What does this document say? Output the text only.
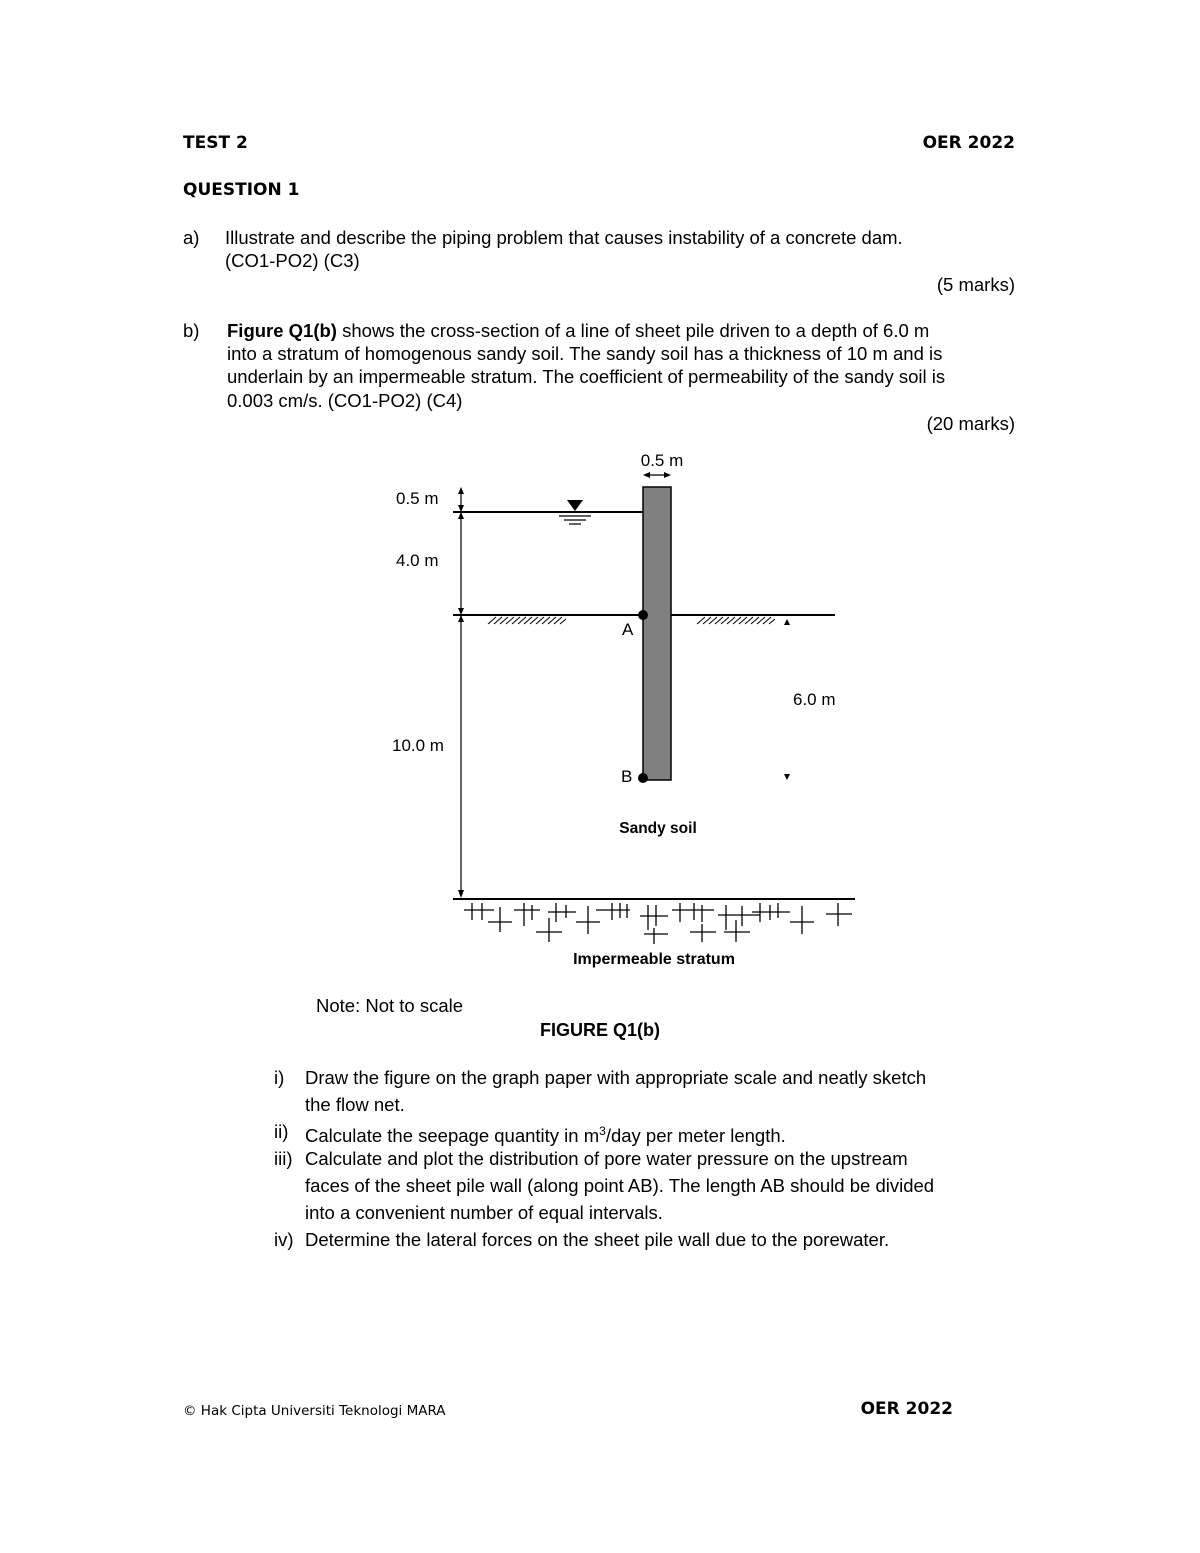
TEST 2	OER 2022
QUESTION 1
a) Illustrate and describe the piping problem that causes instability of a concrete dam.
(CO1-PO2) (C3)
(5 marks)
b) Figure Q1(b) shows the cross-section of a line of sheet pile driven to a depth of 6.0 m
into a stratum of homogenous sandy soil. The sandy soil has a thickness of 10 m and is
underlain by an impermeable stratum. The coefficient of permeability of the sandy soil is
0.003 cm/s. (CO1-PO2) (C4)
(20 marks)
0.5 m
A
B
0.5 m
4.0 m
10.0 m
6.0 m
Sandy soil
Impermeable stratum
Note: Not to scale
FIGURE Q1(b)
i) Draw the figure on the graph paper with appropriate scale and neatly sketch
the flow net.
ii) Calculate the seepage quantity in $m^3$/day per meter length.
iii) Calculate and plot the distribution of pore water pressure on the upstream
faces of the sheet pile wall (along point AB). The length AB should be divided
into a convenient number of equal intervals.
iv) Determine the lateral forces on the sheet pile wall due to the porewater.
© Hak Cipta Universiti Teknologi MARA	OER 2022
